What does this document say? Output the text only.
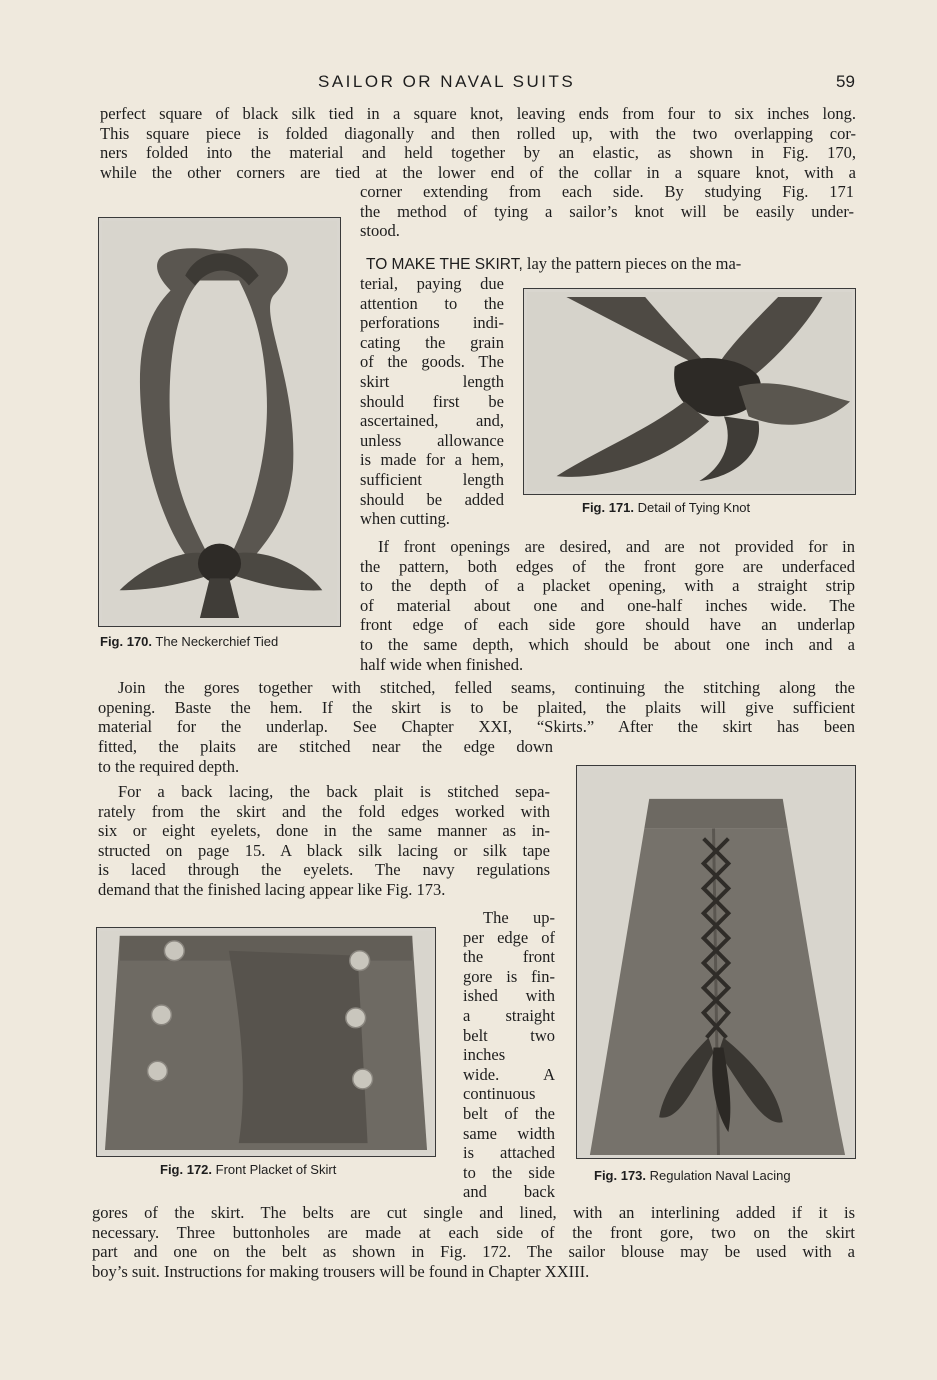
SAILOR OR NAVAL SUITS	59
perfect square of black silk tied in a square knot, leaving ends from four to six inches long.
This square piece is folded diagonally and then rolled up, with the two overlapping cor-
ners folded into the material and held together by an elastic, as shown in Fig. 170,
while the other corners are tied at the lower end of the collar in a square knot, with a
corner extending from each side. By studying Fig. 171
the method of tying a sailor’s knot will be easily under-
stood.
Fig. 170. The Neckerchief Tied
TO MAKE THE SKIRT, lay the pattern pieces on the ma-
terial, paying due
attention to the
perforations indi-
cating the grain
of the goods. The
skirt length
should first be
ascertained, and,
unless allowance
is made for a hem,
sufficient length
should be added
when cutting.
Fig. 171. Detail of Tying Knot
If front openings are desired, and are not provided for in
the pattern, both edges of the front gore are underfaced
to the depth of a placket opening, with a straight strip
of material about one and one-half inches wide. The
front edge of each side gore should have an underlap
to the same depth, which should be about one inch and a
half wide when finished.
Join the gores together with stitched, felled seams, continuing the stitching along the
opening. Baste the hem. If the skirt is to be plaited, the plaits will give sufficient
material for the underlap. See Chapter XXI, “Skirts.” After the skirt has been
fitted, the plaits are stitched near the edge down
to the required depth.
Fig. 173. Regulation Naval Lacing
For a back lacing, the back plait is stitched sepa-
rately from the skirt and the fold edges worked with
six or eight eyelets, done in the same manner as in-
structed on page 15. A black silk lacing or silk tape
is laced through the eyelets. The navy regulations
demand that the finished lacing appear like Fig. 173.
Fig. 172. Front Placket of Skirt
The up-
per edge of
the front
gore is fin-
ished with
a straight
belt two
inches
wide. A
continuous
belt of the
same width
is attached
to the side
and back
gores of the skirt. The belts are cut single and lined, with an interlining added if it is
necessary. Three buttonholes are made at each side of the front gore, two on the skirt
part and one on the belt as shown in Fig. 172. The sailor blouse may be used with a
boy’s suit. Instructions for making trousers will be found in Chapter XXIII.
